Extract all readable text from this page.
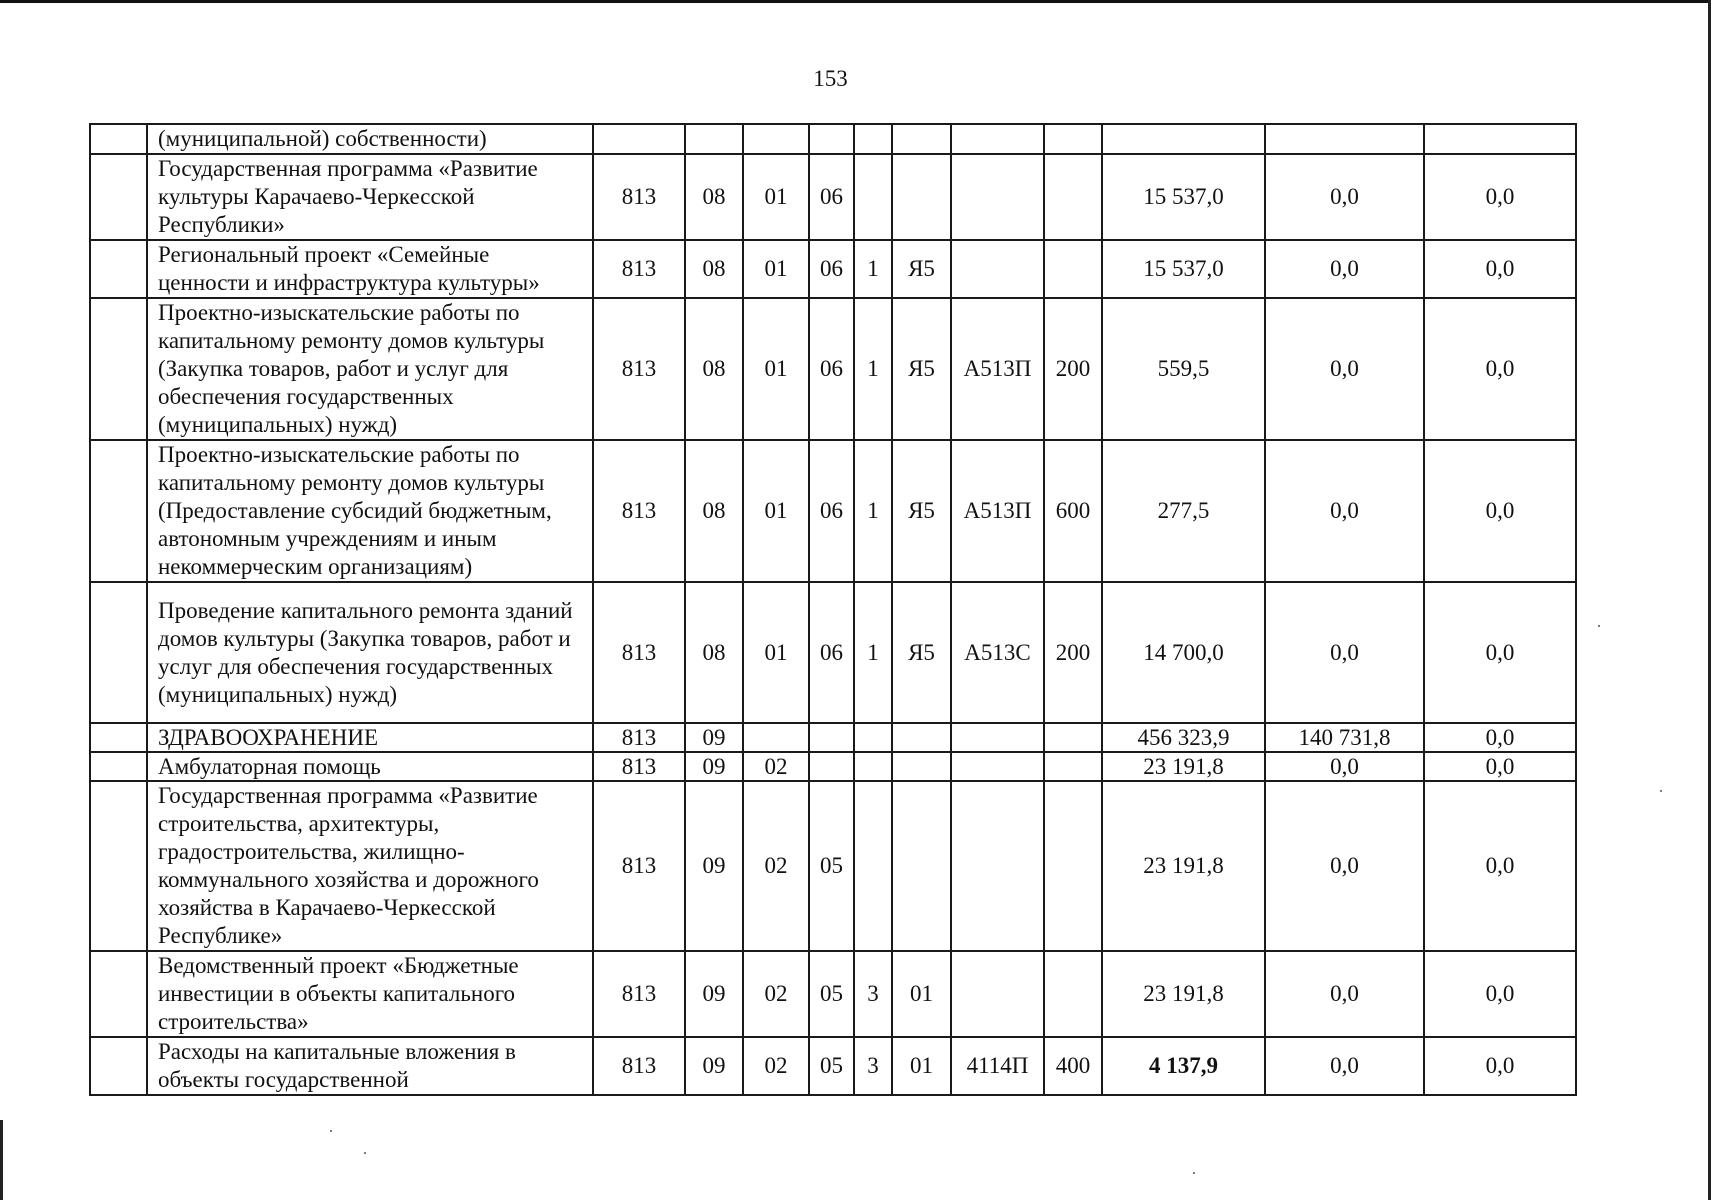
153
	(муниципальной) собственности)											
	Государственная программа «Развитие культуры Карачаево-Черкесской Республики»	813	08	01	06					15 537,0	0,0	0,0
	Региональный проект «Семейные ценности и инфраструктура культуры»	813	08	01	06	1	Я5			15 537,0	0,0	0,0
	Проектно-изыскательские работы по капитальному ремонту домов культуры (Закупка товаров, работ и услуг для обеспечения государственных (муниципальных) нужд)	813	08	01	06	1	Я5	А513П	200	559,5	0,0	0,0
	Проектно-изыскательские работы по капитальному ремонту домов культуры (Предоставление субсидий бюджетным, автономным учреждениям и иным некоммерческим организациям)	813	08	01	06	1	Я5	А513П	600	277,5	0,0	0,0
	Проведение капитального ремонта зданий домов культуры (Закупка товаров, работ и услуг для обеспечения государственных (муниципальных) нужд)	813	08	01	06	1	Я5	А513С	200	14 700,0	0,0	0,0
	ЗДРАВООХРАНЕНИЕ	813	09							456 323,9	140 731,8	0,0
	Амбулаторная помощь	813	09	02						23 191,8	0,0	0,0
	Государственная программа «Развитие строительства, архитектуры, градостроительства, жилищно-коммунального хозяйства и дорожного хозяйства в Карачаево-Черкесской Республике»	813	09	02	05					23 191,8	0,0	0,0
	Ведомственный проект «Бюджетные инвестиции в объекты капитального строительства»	813	09	02	05	3	01			23 191,8	0,0	0,0
	Расходы на капитальные вложения в объекты государственной	813	09	02	05	3	01	4114П	400	4 137,9	0,0	0,0
